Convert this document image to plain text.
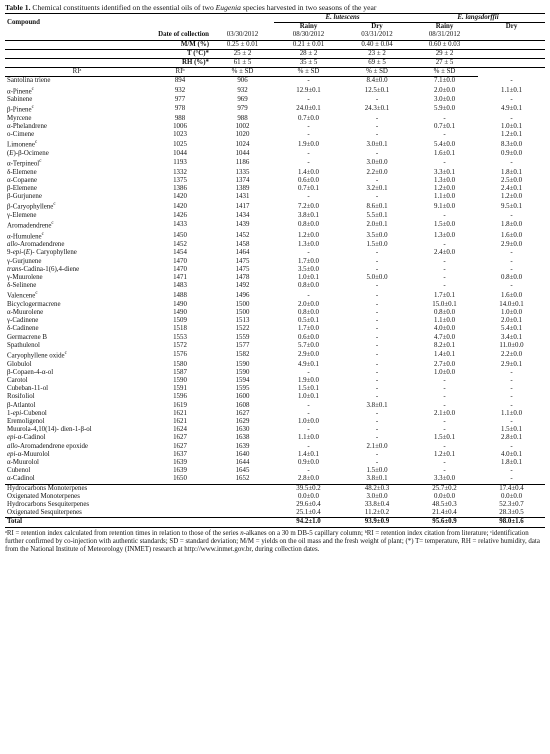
Table 1. Chemical constituents identified on the essential oils of two Eugenia species harvested in two seasons of the year
Compound			E. lutescens		E. langsdorffii	
			Rainy	Dry	Rainy	Dry
Date of collection		03/30/2012	08/30/2012	03/31/2012	08/31/2012	
M/M (%)		0.25 ± 0.01	0.21 ± 0.01	0.40 ± 0.04	0.60 ± 0.03	
T (°C)*		25 ± 2	28 ± 2	23 ± 2	29 ± 2	
RH (%)*		61 ± 5	35 ± 5	69 ± 5	27 ± 5	
RIᵃ	RIᵇ	% ± SD	% ± SD	% ± SD	% ± SD	
Santolina triene	894	906	-	8.4±0.0	7.1±0.0	-
α-Pinene$^c$	932	932	12.9±0.1	12.5±0.1	2.0±0.0	1.1±0.1
Sabinene	977	969	-	-	3.0±0.0	-
β-Pinene$^c$	978	979	24.0±0.1	24.3±0.1	5.9±0.0	4.9±0.1
Myrcene	988	988	0.7±0.0	-	-	-
α-Phelandrene	1006	1002	-	-	0.7±0.1	1.0±0.1
o-Cimene	1023	1020	-	-	-	1.2±0.1
Limonene$^c$	1025	1024	1.9±0.0	3.0±0.1	5.4±0.0	8.3±0.0
(E)-β-Ocimene	1044	1044	-	-	1.6±0.1	0.9±0.0
α-Terpineol$^c$	1193	1186	-	3.0±0.0	-	-
δ-Elemene	1332	1335	1.4±0.0	2.2±0.0	3.3±0.1	1.8±0.1
α-Copaene	1375	1374	0.6±0.0	-	1.3±0.0	2.5±0.0
β-Elemene	1386	1389	0.7±0.1	3.2±0.1	1.2±0.0	2.4±0.1
β-Gurjunene	1420	1431	-	-	1.1±0.0	1.2±0.0
β-Caryophyllene$^c$	1420	1417	7.2±0.0	8.6±0.1	9.1±0.0	9.5±0.1
γ-Elemene	1426	1434	3.8±0.1	5.5±0.1	-	-
Aromadendrene$^c$	1433	1439	0.8±0.0	2.0±0.1	1.5±0.0	1.8±0.0
α-Humulene$^c$	1450	1452	1.2±0.0	3.5±0.0	1.3±0.0	1.6±0.0
allo-Aromadendrene	1452	1458	1.3±0.0	1.5±0.0	-	2.9±0.0
9-epi-(E)- Caryophyllene	1454	1464	-	-	2.4±0.0	-
γ-Gurjunene	1470	1475	1.7±0.0	-	-	-
trans-Cadina-1(6),4-diene	1470	1475	3.5±0.0	-	-	-
γ-Muurolene	1471	1478	1.0±0.1	5.0±0.0	-	0.8±0.0
δ-Selinene	1483	1492	0.8±0.0	-	-	-
Valencene$^c$	1488	1496	-	-	1.7±0.1	1.6±0.0
Bicyclogermacrene	1490	1500	2.0±0.0	-	15.0±0.1	14.0±0.1
α-Muurolene	1490	1500	0.8±0.0	-	0.8±0.0	1.0±0.0
γ-Cadinene	1509	1513	0.5±0.1	-	1.1±0.0	2.0±0.1
δ-Cadinene	1518	1522	1.7±0.0	-	4.0±0.0	5.4±0.1
Germacrene B	1553	1559	0.6±0.0	-	4.7±0.0	3.4±0.1
Spathulenol	1572	1577	5.7±0.0	-	8.2±0.1	11.0±0.0
Caryophyllene oxide$^c$	1576	1582	2.9±0.0	-	1.4±0.1	2.2±0.0
Globulol	1580	1590	4.9±0.1	-	2.7±0.0	2.9±0.1
β-Copaen-4-α-ol	1587	1590	-	-	1.0±0.0	-
Carotol	1590	1594	1.9±0.0	-	-	-
Cubeban-11-ol	1591	1595	1.5±0.1	-	-	-
Rosifoliol	1596	1600	1.0±0.1	-	-	-
β-Atlantol	1619	1608	-	3.8±0.1	-	-
1-epi-Cubenol	1621	1627	-	-	2.1±0.0	1.1±0.0
Eremoligenol	1621	1629	1.0±0.0	-	-	-
Muurola-4,10(14)- dien-1-β-ol	1624	1630	-	-	-	1.5±0.1
epi-α-Cadinol	1627	1638	1.1±0.0	-	1.5±0.1	2.8±0.1
allo-Aromadendrene epoxide	1627	1639	-	2.1±0.0	-	-
epi-α-Muurolol	1637	1640	1.4±0.1	-	1.2±0.1	4.0±0.1
α-Muurolol	1639	1644	0.9±0.0	-	-	1.8±0.1
Cubenol	1639	1645	-	1.5±0.0	-	-
α-Cadinol	1650	1652	2.8±0.0	3.8±0.1	3.3±0.0	-
Hydrocarbons Monoterpenes			39.5±0.2	48.2±0.3	25.7±0.2	17.4±0.4
Oxigenated Monoterpenes			0.0±0.0	3.0±0.0	0.0±0.0	0.0±0.0
Hydrocarbons Sesquiterpenes			29.6±0.4	33.8±0.4	48.5±0.3	52.3±0.7
Oxigenated Sesquiterpenes			25.1±0.4	11.2±0.2	21.4±0.4	28.3±0.5
Total			94.2±1.0	93.9±0.9	95.6±0.9	98.0±1.6
ᵃRI = retention index calculated from retention times in relation to those of the series n-alkanes on a 30 m DB-5 capillary column; ᵇRI = retention index citation from literature; ᶜidentification further confirmed by co-injection with authentic standards; SD = standard deviation; M/M = yields on the oil mass and the fresh weight of plant; (*) T= temperature, RH = relative humidity, data from the National Institute of Meteorology (INMET) research at http://www.inmet.gov.br, during collection dates.
